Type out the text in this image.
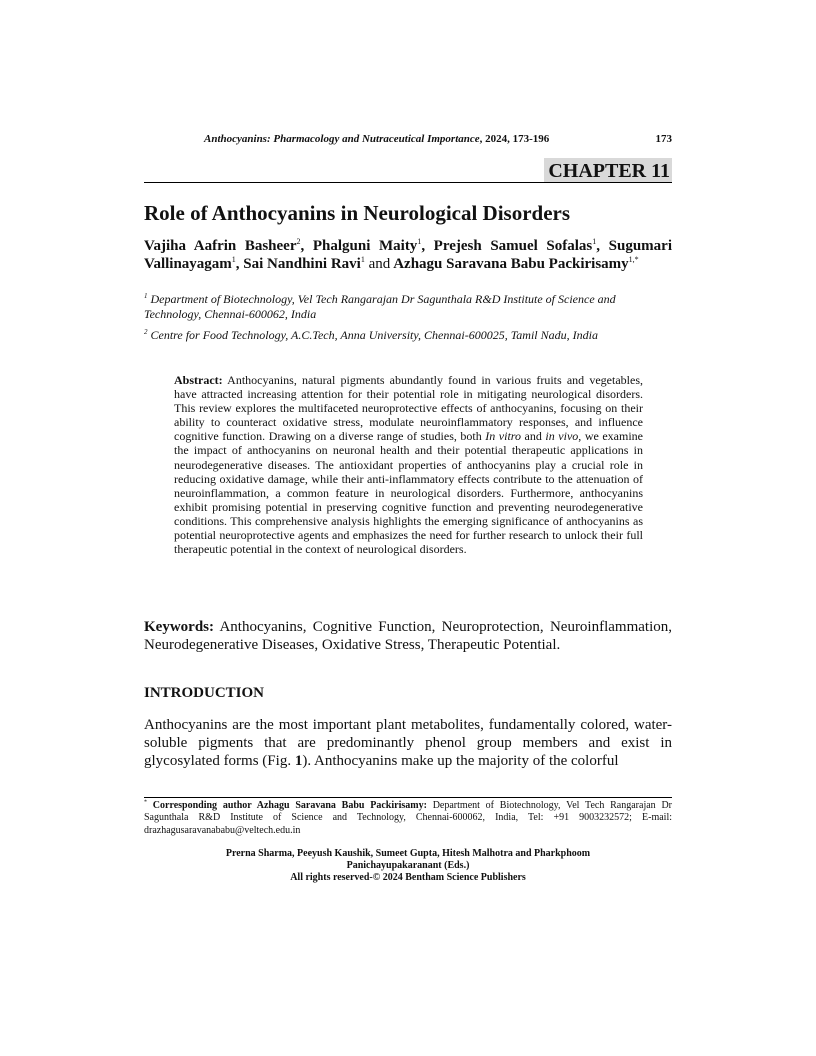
Anthocyanins: Pharmacology and Nutraceutical Importance, 2024, 173-196	173
CHAPTER 11
Role of Anthocyanins in Neurological Disorders
Vajiha Aafrin Basheer$^2$, Phalguni Maity$^1$, Prejesh Samuel Sofalas$^1$, Sugumari Vallinayagam$^1$, Sai Nandhini Ravi$^1$ and Azhagu Saravana Babu Packirisamy$^{1,*}$
$^1$ Department of Biotechnology, Vel Tech Rangarajan Dr Sagunthala R&D Institute of Science and Technology, Chennai-600062, India
$^2$ Centre for Food Technology, A.C.Tech, Anna University, Chennai-600025, Tamil Nadu, India

Abstract: Anthocyanins, natural pigments abundantly found in various fruits and vegetables, have attracted increasing attention for their potential role in mitigating neurological disorders. This review explores the multifaceted neuroprotective effects of anthocyanins, focusing on their ability to counteract oxidative stress, modulate neuroinflammatory responses, and influence cognitive function. Drawing on a diverse range of studies, both In vitro and in vivo, we examine the impact of anthocyanins on neuronal health and their potential therapeutic applications in neurodegenerative diseases. The antioxidant properties of anthocyanins play a crucial role in reducing oxidative damage, while their anti-inflammatory effects contribute to the attenuation of neuroinflammation, a common feature in neurological disorders. Furthermore, anthocyanins exhibit promising potential in preserving cognitive function and preventing neurodegenerative conditions. This comprehensive analysis highlights the emerging significance of anthocyanins as potential neuroprotective agents and emphasizes the need for further research to unlock their full therapeutic potential in the context of neurological disorders.

Keywords: Anthocyanins, Cognitive Function, Neuroprotection, Neuroinflammation, Neurodegenerative Diseases, Oxidative Stress, Therapeutic Potential.

INTRODUCTION

Anthocyanins are the most important plant metabolites, fundamentally colored, water-soluble pigments that are predominantly phenol group members and exist in glycosylated forms (Fig. 1). Anthocyanins make up the majority of the colorful

* Corresponding author Azhagu Saravana Babu Packirisamy: Department of Biotechnology, Vel Tech Rangarajan Dr Sagunthala R&D Institute of Science and Technology, Chennai-600062, India, Tel: +91 9003232572; E-mail: drazhagusaravanababu@veltech.edu.in

Prerna Sharma, Peeyush Kaushik, Sumeet Gupta, Hitesh Malhotra and Pharkphoom
Panichayupakaranant (Eds.)
All rights reserved-© 2024 Bentham Science Publishers
